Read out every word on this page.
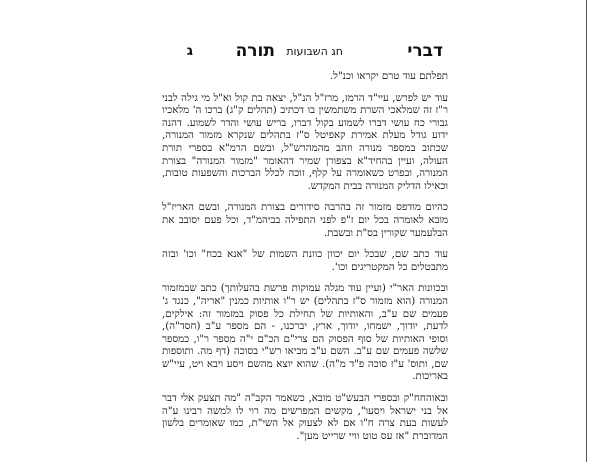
דברי
חג השבועות
תורה
ג

תפלתם עוד טרם יקראו וכנ"ל.

עוד יש לפרש, עיי"ד הרמז, מרז"ל הנ"ל, יצאה בת קול וא"ל מי גילה לבני ר"ז זה שמלאכי השרת משתמשין בו דכתיב (תהלים ק"ג) ברכו ה' מלאכיו גבורי כח עושי דברו לשמוע בקול דברו, בריש עושי והדר לשמוע. דהנה ידוע גודל מעלת אמירת קאפיטל ס"ז בתהלים שנקרא מזמור המנורה, שכתוב במספר מנורה וזהב מהמהרש"ל, ובשם הרמ"א בספרי תורת העולה, ועיין בהחיד"א בצפורן שמיר דהאומר "מזמור המנורה" בצורת המנורה, ובפרט כשאומרה על קלף, זוכה לכלל הברכות והשפעות טובות, וכאילו הדליק המנורה בבית המקדש.

כהיום מודפס מזמור זה בהרבה סידורים בצורת המנורה, ובשם האריז"ל מובא לאומרה בכל יום ז"פ לפני התפילה בביהמ"ד, וכל פעם יסובב את הבלעמער שקורין בס"ת ובשבת.

עוד כתב שם, שבכל יום יכוון כוונת השמות של "אנא בכח" וכו' ובזה מתבטלים כל המקטריגים וכו'.

ובכוונות האר"י (ועיין עוד מגלה עמוקות פרשת בהעלותך) כתב שבמזמור המנורה (הוא מזמור ס"ז בתהלים) יש ר"ו אותיות כמנין "אריה", כנגד ג' פעמים שם ע"ב, והאותיות של תחילת כל פסוק במזמור זה: אילקים, לדעת, יודוך, ישמחו, יודוך, ארץ, יברכנו, - הם מספר ע"ב (חסד"ה), וסופי האותיות של סוף הפסוק הם צרי"ם הכ"ם י"ה מספר ר"ו, כמספר שלשה פעמים שם ע"ב. השם ע"ב מביאו רש"י בסוכה (דף מה. ותוספות שם, ותוס' ע"ז סוכה פ"ד מ"ה). שהוא יוצא מהשם ויסע ויבא ויט, עיי"ש באריכות.

ובאוהחח"ק ובספרי הבעש"ט מובא, כשאמר הקב"ה "מה תצעק אלי דבר אל בני ישראל ויסעו", מקשים המפרשים מה רוי לו למשה רבינו ע"ה לעשות בעת צרה ח"ו אם לא לצעוק אל השי"ת, כמו שאומרים בלשון המדוברת "אז עס טוט וויי שרייט מען".
